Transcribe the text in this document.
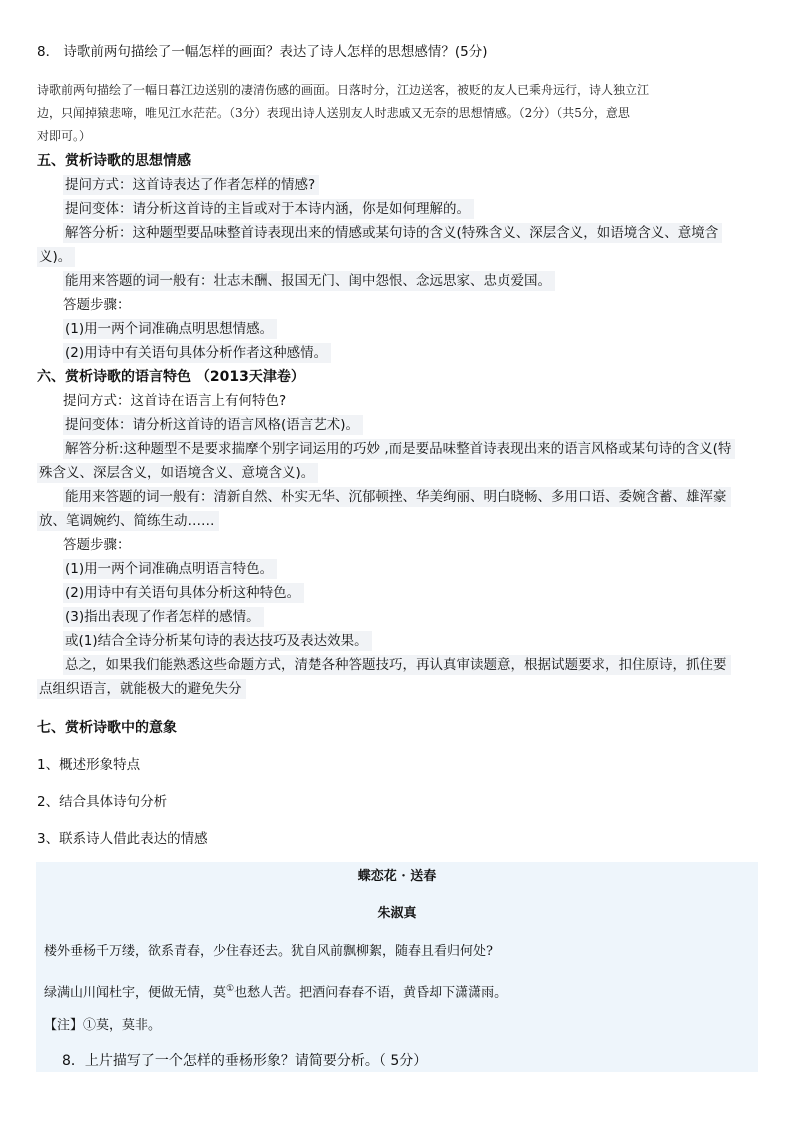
8． 诗歌前两句描绘了一幅怎样的画面？表达了诗人怎样的思想感情？(5分)
诗歌前两句描绘了一幅日暮江边送别的凄清伤感的画面。日落时分，江边送客，被贬的友人已乘舟远行，诗人独立江
边，只闻掉猿悲啼，唯见江水茫茫。（3分）表现出诗人送别友人时悲戚又无奈的思想情感。（2分）（共5分，意思
对即可。）
五、赏析诗歌的思想情感
提问方式：这首诗表达了作者怎样的情感?
提问变体：请分析这首诗的主旨或对于本诗内涵，你是如何理解的。
解答分析：这种题型要品味整首诗表现出来的情感或某句诗的含义(特殊含义、深层含义，如语境含义、意境含
义)。
能用来答题的词一般有：壮志未酬、报国无门、闺中怨恨、念远思家、忠贞爱国。
答题步骤：
(1)用一两个词准确点明思想情感。
(2)用诗中有关语句具体分析作者这种感情。
六、赏析诗歌的语言特色 （2013天津卷）
提问方式：这首诗在语言上有何特色?
提问变体：请分析这首诗的语言风格(语言艺术)。
解答分析:这种题型不是要求揣摩个别字词运用的巧妙 ,而是要品味整首诗表现出来的语言风格或某句诗的含义(特
殊含义、深层含义，如语境含义、意境含义)。
能用来答题的词一般有：清新自然、朴实无华、沉郁顿挫、华美绚丽、明白晓畅、多用口语、委婉含蓄、雄浑豪
放、笔调婉约、简练生动……
答题步骤：
(1)用一两个词准确点明语言特色。
(2)用诗中有关语句具体分析这种特色。
(3)指出表现了作者怎样的感情。
或(1)结合全诗分析某句诗的表达技巧及表达效果。
总之，如果我们能熟悉这些命题方式，清楚各种答题技巧，再认真审读题意，根据试题要求，扣住原诗，抓住要
点组织语言，就能极大的避免失分
七、赏析诗歌中的意象
1、概述形象特点
2、结合具体诗句分析
3、联系诗人借此表达的情感
蝶恋花 · 送春
朱淑真
楼外垂杨千万缕，欲系青春，少住春还去。犹自风前飘柳絮，随春且看归何处?
绿满山川闻杜宇，便做无情，莫①也愁人苦。把酒问春春不语，黄昏却下潇潇雨。
【注】①莫，莫非。
8．上片描写了一个怎样的垂杨形象？请简要分析。（ 5分）
